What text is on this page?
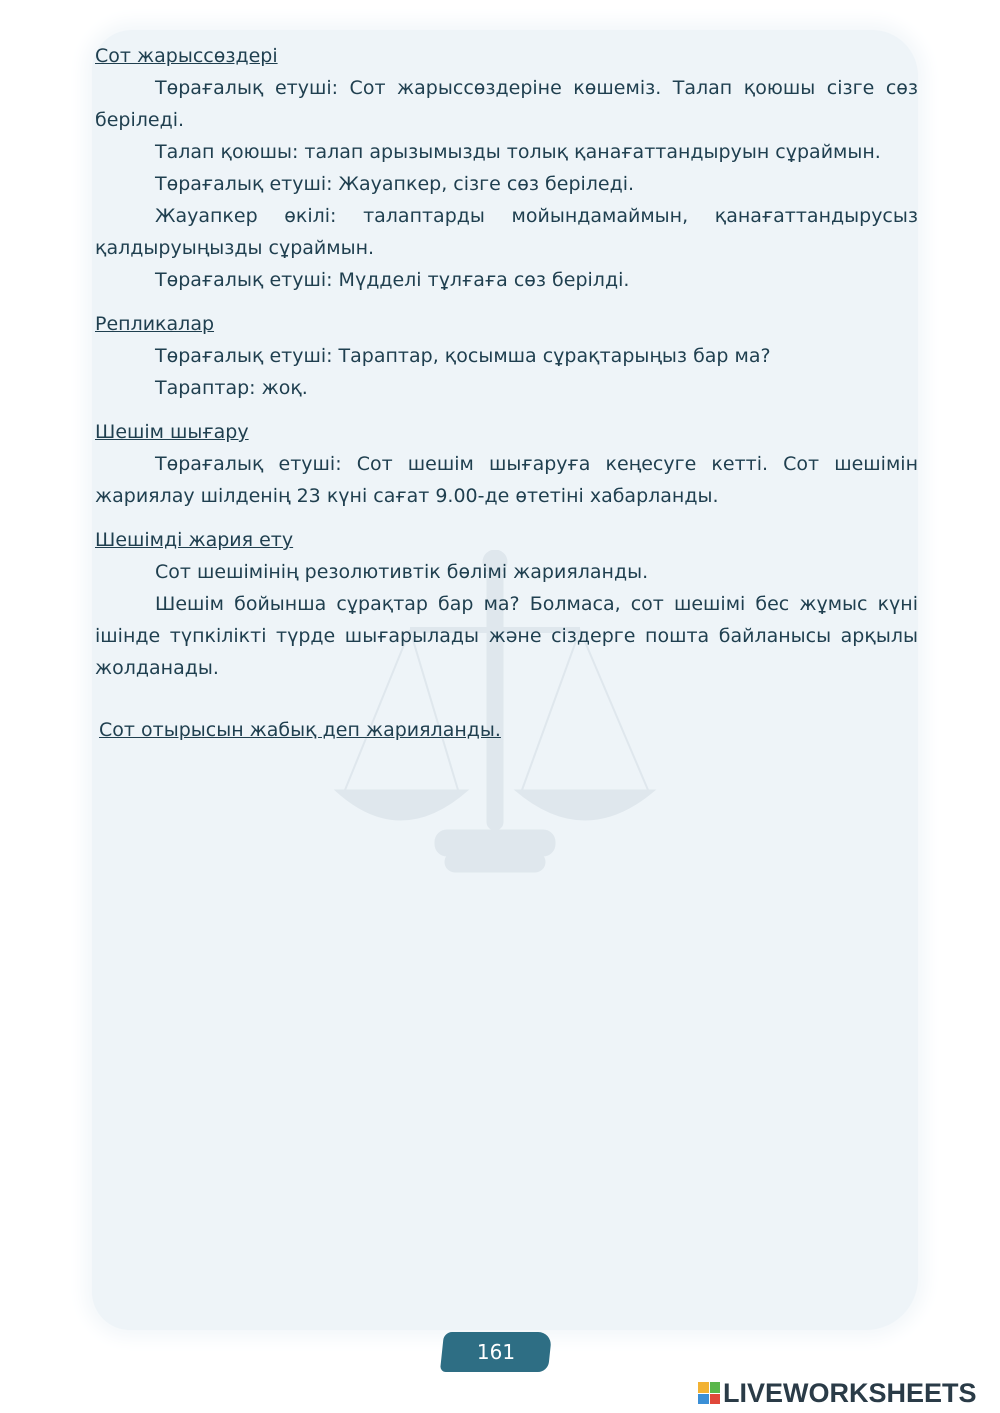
Сот жарыссөздері

Төрағалық етуші: Сот жарыссөздеріне көшеміз. Талап қоюшы сізге сөз беріледі.

Талап қоюшы: талап арызымызды толық қанағаттандыруын сұраймын.

Төрағалық етуші: Жауапкер, сізге сөз беріледі.

Жауапкер өкілі: талаптарды мойындамаймын, қанағаттандырусыз қалдыруыңызды сұраймын.

Төрағалық етуші: Мүдделі тұлғаға сөз берілді.

Репликалар

Төрағалық етуші: Тараптар, қосымша сұрақтарыңыз бар ма?

Тараптар: жоқ.

Шешім шығару

Төрағалық етуші: Сот шешім шығаруға кеңесуге кетті. Сот шешімін жариялау шілденің 23 күні сағат 9.00-де өтетіні хабарланды.

Шешімді жария ету

Сот шешімінің резолютивтік бөлімі жарияланды.

Шешім бойынша сұрақтар бар ма? Болмаса, сот шешімі бес жұмыс күні ішінде түпкілікті түрде шығарылады және сіздерге пошта байланысы арқылы жолданады.

Сот отырысын жабық деп жарияланды.
161
LIVEWORKSHEETS
